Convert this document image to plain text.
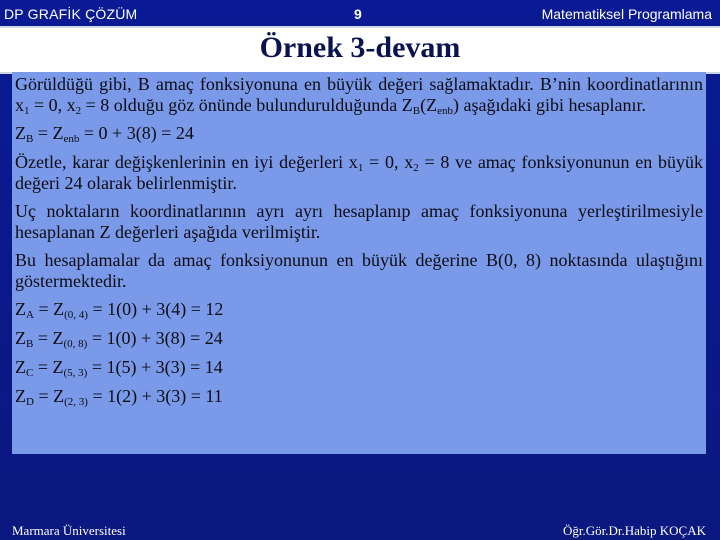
DP GRAFİK ÇÖZÜM	9	Matematiksel Programlama
Örnek 3-devam

Görüldüğü gibi, B amaç fonksiyonuna en büyük değeri sağlamaktadır. B’nin koordinatlarının $x_1 = 0$, $x_2 = 8$ olduğu göz önünde bulundurulduğunda $Z_B(Z_{enb})$ aşağıdaki gibi hesaplanır.

$Z_B = Z_{enb} = 0 + 3(8) = 24$

Özetle, karar değişkenlerinin en iyi değerleri $x_1 = 0$, $x_2 = 8$ ve amaç fonksiyonunun en büyük değeri 24 olarak belirlenmiştir.

Uç noktaların koordinatlarının ayrı ayrı hesaplanıp amaç fonksiyonuna yerleştirilmesiyle hesaplanan Z değerleri aşağıda verilmiştir.

Bu hesaplamalar da amaç fonksiyonunun en büyük değerine B(0, 8) noktasında ulaştığını göstermektedir.

$Z_A = Z_{(0, 4)} = 1(0) + 3(4) = 12$

$Z_B = Z_{(0, 8)} = 1(0) + 3(8) = 24$

$Z_C = Z_{(5, 3)} = 1(5) + 3(3) = 14$

$Z_D = Z_{(2, 3)} = 1(2) + 3(3) = 11$

Marmara Üniversitesi	Öğr.Gör.Dr.Habip KOÇAK
